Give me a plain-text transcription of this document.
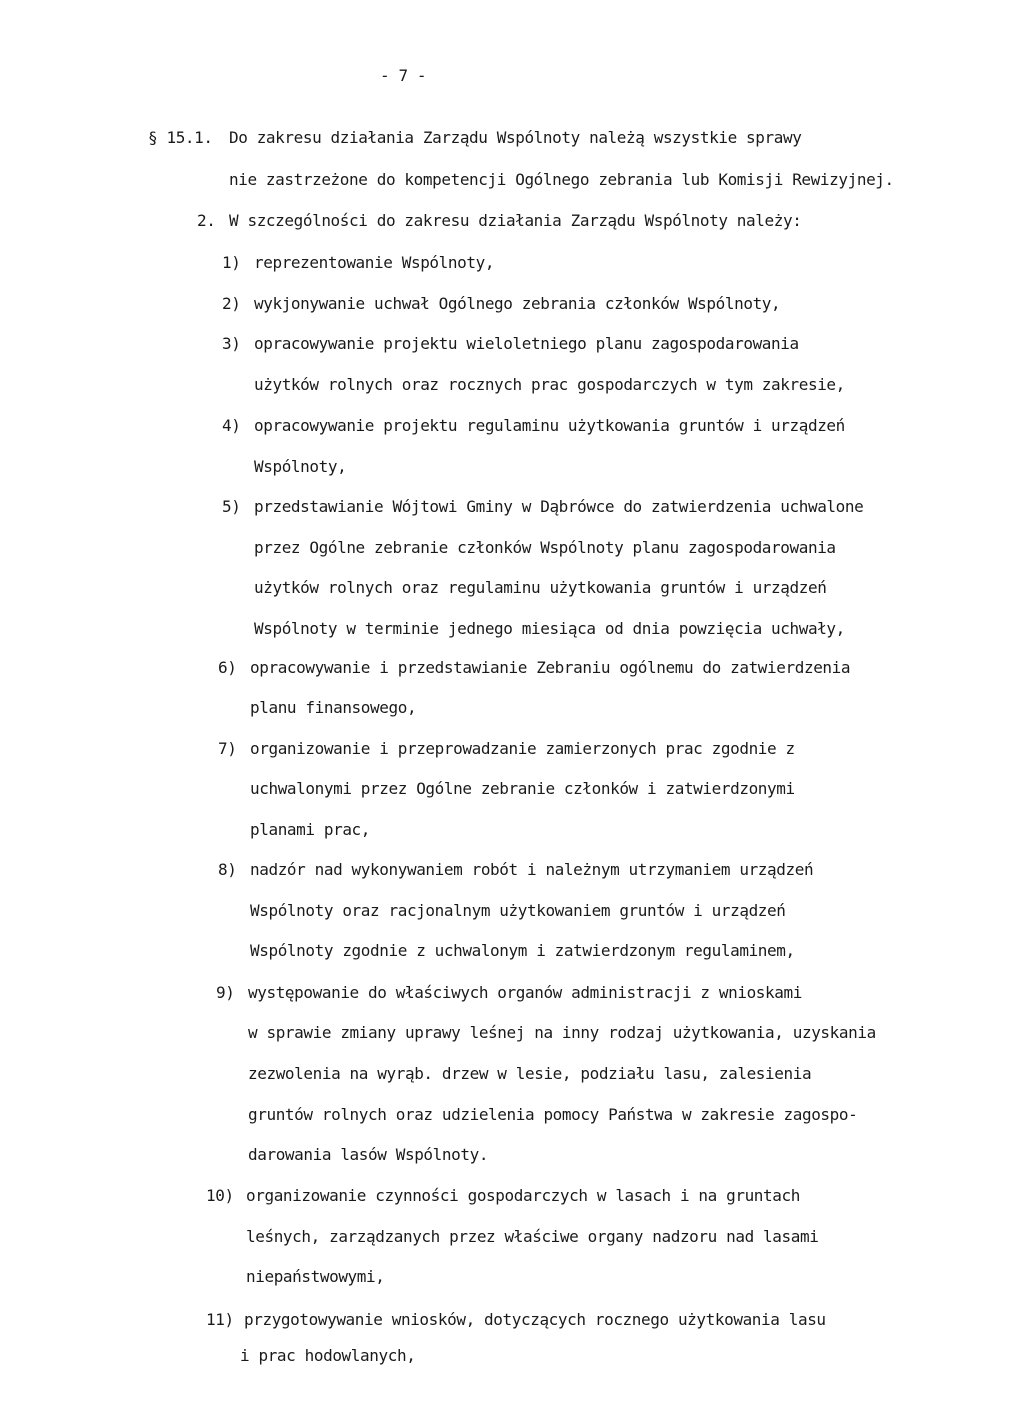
- 7 -
§ 15.1. Do zakresu działania Zarządu Wspólnoty należą wszystkie sprawy
nie zastrzeżone do kompetencji Ogólnego zebrania lub Komisji Rewizyjnej.
2. W szczególności do zakresu działania Zarządu Wspólnoty należy:
1) reprezentowanie Wspólnoty,
2) wykjonywanie uchwał Ogólnego zebrania członków Wspólnoty,
3) opracowywanie projektu wieloletniego planu zagospodarowania
użytków rolnych oraz rocznych prac gospodarczych w tym zakresie,
4) opracowywanie projektu regulaminu użytkowania gruntów i urządzeń
Wspólnoty,
5) przedstawianie Wójtowi Gminy w Dąbrówce do zatwierdzenia uchwalone
przez Ogólne zebranie członków Wspólnoty planu zagospodarowania
użytków rolnych oraz regulaminu użytkowania gruntów i urządzeń
Wspólnoty w terminie jednego miesiąca od dnia powzięcia uchwały,
6) opracowywanie i przedstawianie Zebraniu ogólnemu do zatwierdzenia
planu finansowego,
7) organizowanie i przeprowadzanie zamierzonych prac zgodnie z
uchwalonymi przez Ogólne zebranie członków i zatwierdzonymi
planami prac,
8) nadzór nad wykonywaniem robót i należnym utrzymaniem urządzeń
Wspólnoty oraz racjonalnym użytkowaniem gruntów i urządzeń
Wspólnoty zgodnie z uchwalonym i zatwierdzonym regulaminem,
9) występowanie do właściwych organów administracji z wnioskami
w sprawie zmiany uprawy leśnej na inny rodzaj użytkowania, uzyskania
zezwolenia na wyrąb. drzew w lesie, podziału lasu, zalesienia
gruntów rolnych oraz udzielenia pomocy Państwa w zakresie zagospo-
darowania lasów Wspólnoty.
10) organizowanie czynności gospodarczych w lasach i na gruntach
leśnych, zarządzanych przez właściwe organy nadzoru nad lasami
niepaństwowymi,
11) przygotowywanie wniosków, dotyczących rocznego użytkowania lasu
i prac hodowlanych,
